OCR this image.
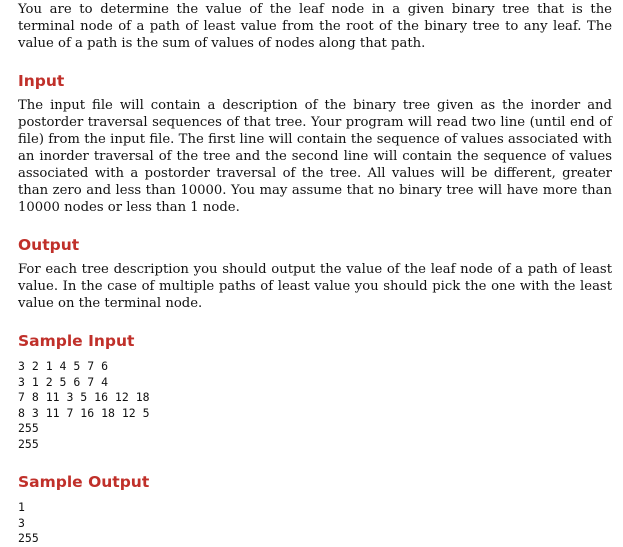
You are to determine the value of the leaf node in a given binary tree that is the terminal node of a path of least value from the root of the binary tree to any leaf. The value of a path is the sum of values of nodes along that path.

Input

The input file will contain a description of the binary tree given as the inorder and postorder traversal sequences of that tree. Your program will read two line (until end of file) from the input file. The first line will contain the sequence of values associated with an inorder traversal of the tree and the second line will contain the sequence of values associated with a postorder traversal of the tree. All values will be different, greater than zero and less than 10000. You may assume that no binary tree will have more than 10000 nodes or less than 1 node.

Output

For each tree description you should output the value of the leaf node of a path of least value. In the case of multiple paths of least value you should pick the one with the least value on the terminal node.

Sample Input
3 2 1 4 5 7 6
3 1 2 5 6 7 4
7 8 11 3 5 16 12 18
8 3 11 7 16 18 12 5
255
255
Sample Output
1
3
255
